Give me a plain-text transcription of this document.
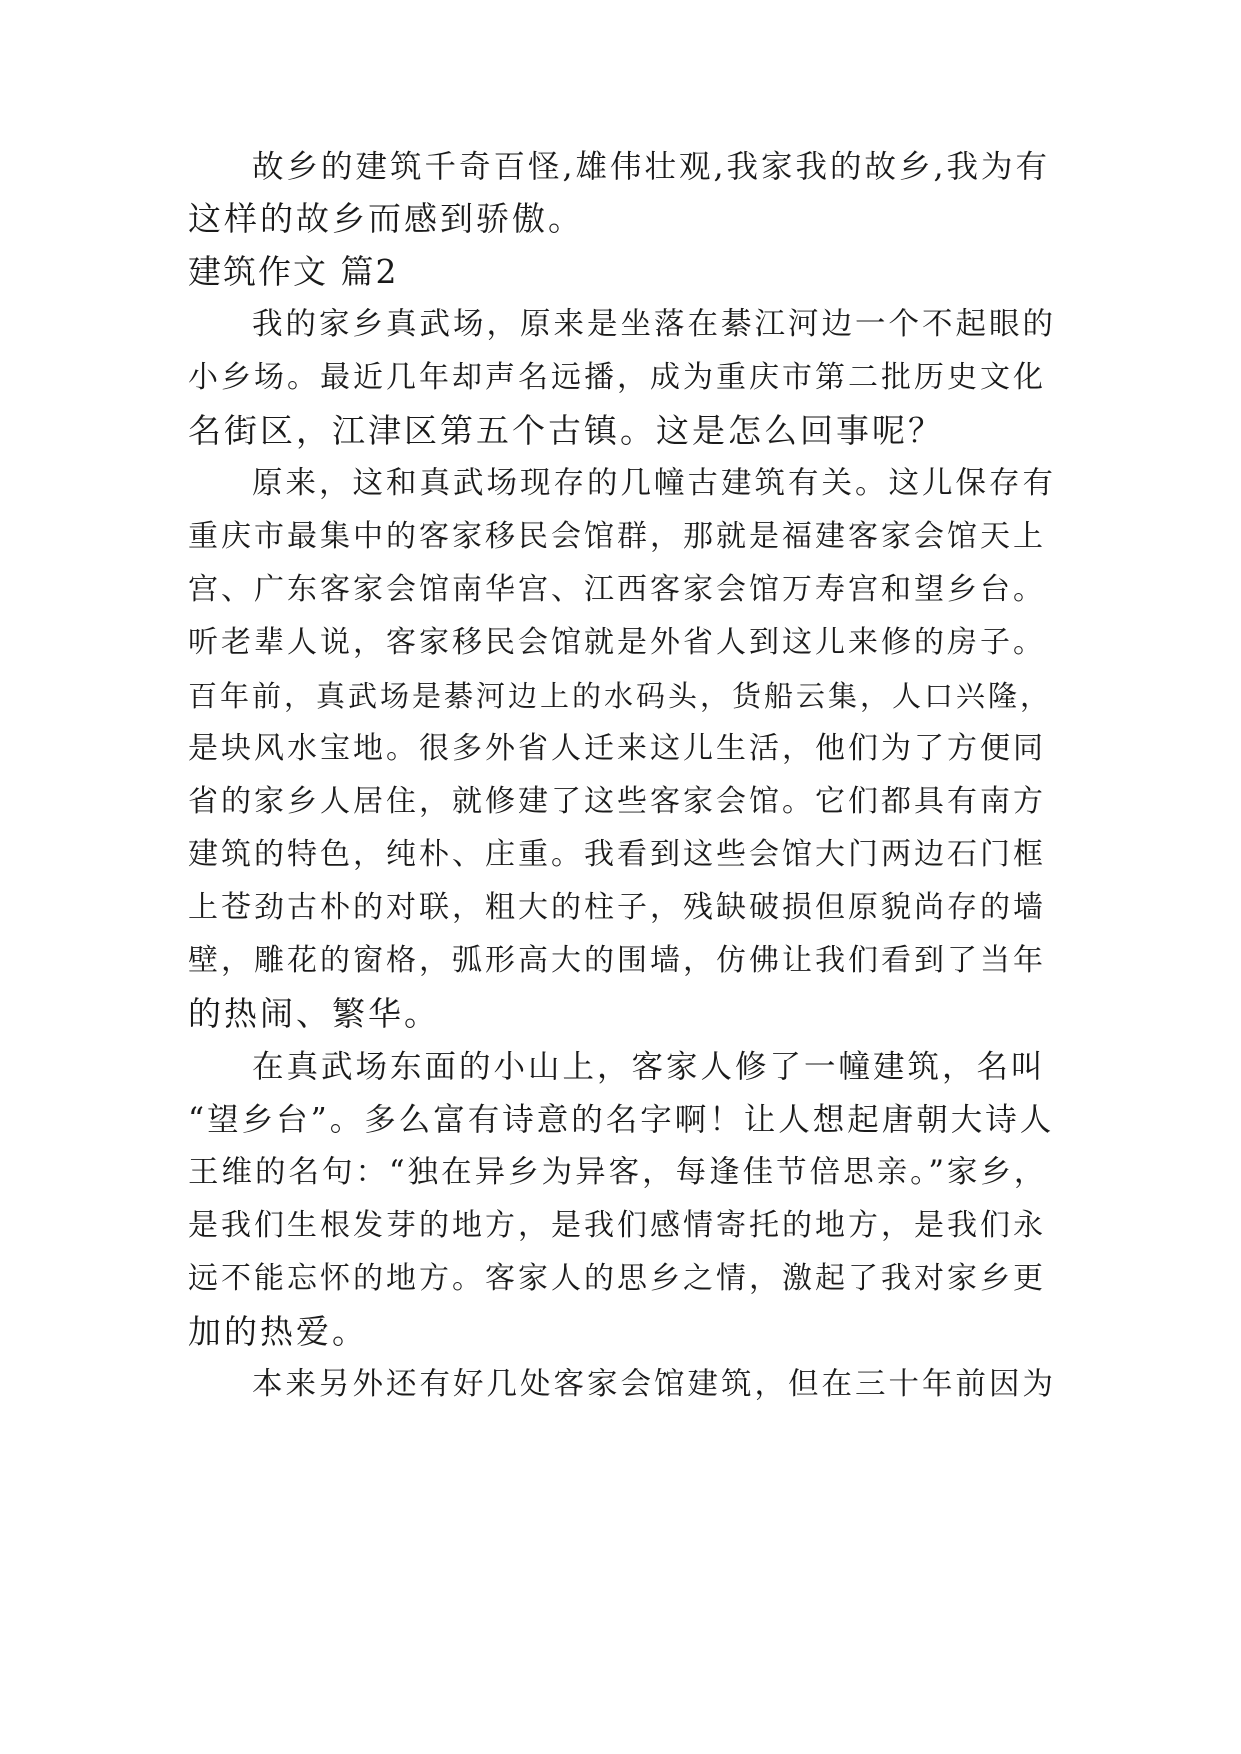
故乡的建筑千奇百怪,雄伟壮观,我家我的故乡,我为有
这样的故乡而感到骄傲。
建筑作文 篇2
我的家乡真武场，原来是坐落在綦江河边一个不起眼的
小乡场。最近几年却声名远播，成为重庆市第二批历史文化
名街区，江津区第五个古镇。这是怎么回事呢？
原来，这和真武场现存的几幢古建筑有关。这儿保存有
重庆市最集中的客家移民会馆群，那就是福建客家会馆天上
宫、广东客家会馆南华宫、江西客家会馆万寿宫和望乡台。
听老辈人说，客家移民会馆就是外省人到这儿来修的房子。
百年前，真武场是綦河边上的水码头，货船云集，人口兴隆，
是块风水宝地。很多外省人迁来这儿生活，他们为了方便同
省的家乡人居住，就修建了这些客家会馆。它们都具有南方
建筑的特色，纯朴、庄重。我看到这些会馆大门两边石门框
上苍劲古朴的对联，粗大的柱子，残缺破损但原貌尚存的墙
壁，雕花的窗格，弧形高大的围墙，仿佛让我们看到了当年
的热闹、繁华。
在真武场东面的小山上，客家人修了一幢建筑，名叫
“望乡台”。多么富有诗意的名字啊！让人想起唐朝大诗人
王维的名句：“独在异乡为异客，每逢佳节倍思亲。”家乡，
是我们生根发芽的地方，是我们感情寄托的地方，是我们永
远不能忘怀的地方。客家人的思乡之情，激起了我对家乡更
加的热爱。
本来另外还有好几处客家会馆建筑，但在三十年前因为
